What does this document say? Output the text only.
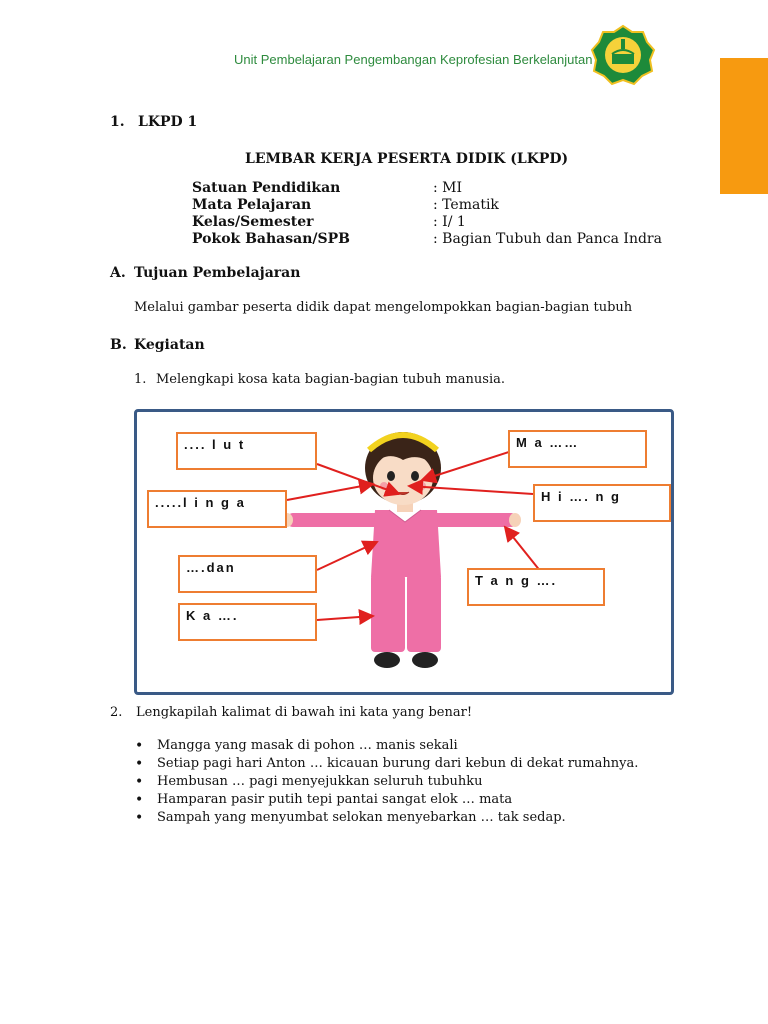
Unit Pembelajaran Pengembangan Keprofesian Berkelanjutan
1. LKPD 1
LEMBAR KERJA PESERTA DIDIK (LKPD)
Satuan Pendidikan	: MI
Mata Pelajaran	: Tematik
Kelas/Semester	: I/ 1
Pokok Bahasan/SPB	: Bagian Tubuh dan Panca Indra
A. Tujuan Pembelajaran
Melalui gambar peserta didik dapat mengelompokkan bagian-bagian tubuh
B. Kegiatan
1. Melengkapi kosa kata bagian-bagian tubuh manusia.
.... l u t	M a ……
.....l i n g a	H i …. n g
….dan
T a n g ….
K a ….
2. Lengkapilah kalimat di bawah ini kata yang benar!
• Mangga yang masak di pohon … manis sekali
• Setiap pagi hari Anton … kicauan burung dari kebun di dekat rumahnya.
• Hembusan … pagi menyejukkan seluruh tubuhku
• Hamparan pasir putih tepi pantai sangat elok … mata
• Sampah yang menyumbat selokan menyebarkan … tak sedap.
